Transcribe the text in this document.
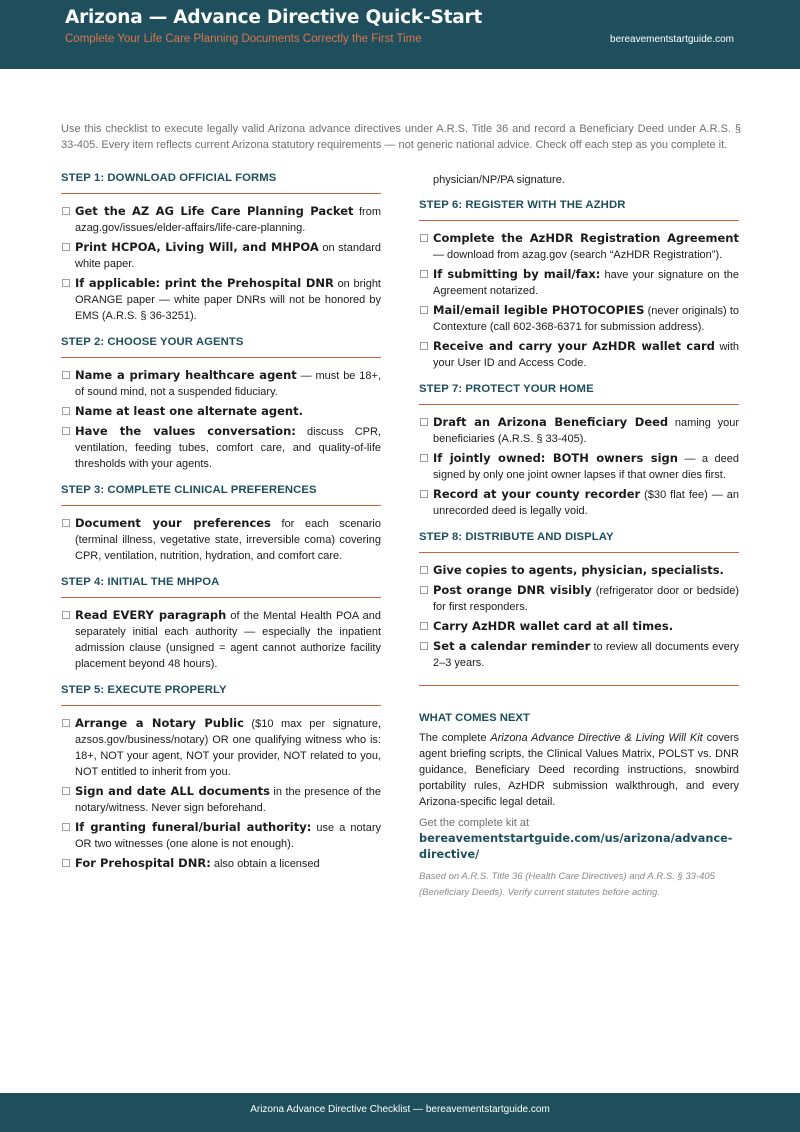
Arizona — Advance Directive Quick-Start
Complete Your Life Care Planning Documents Correctly the First Time	bereavementstartguide.com
Use this checklist to execute legally valid Arizona advance directives under A.R.S. Title 36 and record a Beneficiary Deed under A.R.S. § 33-405. Every item reflects current Arizona statutory requirements — not generic national advice. Check off each step as you complete it.
STEP 1: DOWNLOAD OFFICIAL FORMS
Get the AZ AG Life Care Planning Packet from azag.gov/issues/elder-affairs/life-care-planning.
Print HCPOA, Living Will, and MHPOA on standard white paper.
If applicable: print the Prehospital DNR on bright ORANGE paper — white paper DNRs will not be honored by EMS (A.R.S. § 36-3251).
STEP 2: CHOOSE YOUR AGENTS
Name a primary healthcare agent — must be 18+, of sound mind, not a suspended fiduciary.
Name at least one alternate agent.
Have the values conversation: discuss CPR, ventilation, feeding tubes, comfort care, and quality-of-life thresholds with your agents.
STEP 3: COMPLETE CLINICAL PREFERENCES
Document your preferences for each scenario (terminal illness, vegetative state, irreversible coma) covering CPR, ventilation, nutrition, hydration, and comfort care.
STEP 4: INITIAL THE MHPOA
Read EVERY paragraph of the Mental Health POA and separately initial each authority — especially the inpatient admission clause (unsigned = agent cannot authorize facility placement beyond 48 hours).
STEP 5: EXECUTE PROPERLY
Arrange a Notary Public ($10 max per signature, azsos.gov/business/notary) OR one qualifying witness who is: 18+, NOT your agent, NOT your provider, NOT related to you, NOT entitled to inherit from you.
Sign and date ALL documents in the presence of the notary/witness. Never sign beforehand.
If granting funeral/burial authority: use a notary OR two witnesses (one alone is not enough).
For Prehospital DNR: also obtain a licensed
physician/NP/PA signature.
STEP 6: REGISTER WITH THE AZHDR
Complete the AzHDR Registration Agreement — download from azag.gov (search “AzHDR Registration”).
If submitting by mail/fax: have your signature on the Agreement notarized.
Mail/email legible PHOTOCOPIES (never originals) to Contexture (call 602-368-6371 for submission address).
Receive and carry your AzHDR wallet card with your User ID and Access Code.
STEP 7: PROTECT YOUR HOME
Draft an Arizona Beneficiary Deed naming your beneficiaries (A.R.S. § 33-405).
If jointly owned: BOTH owners sign — a deed signed by only one joint owner lapses if that owner dies first.
Record at your county recorder ($30 flat fee) — an unrecorded deed is legally void.
STEP 8: DISTRIBUTE AND DISPLAY
Give copies to agents, physician, specialists.
Post orange DNR visibly (refrigerator door or bedside) for first responders.
Carry AzHDR wallet card at all times.
Set a calendar reminder to review all documents every 2–3 years.
WHAT COMES NEXT
The complete Arizona Advance Directive & Living Will Kit covers agent briefing scripts, the Clinical Values Matrix, POLST vs. DNR guidance, Beneficiary Deed recording instructions, snowbird portability rules, AzHDR submission walkthrough, and every Arizona-specific legal detail.
Get the complete kit at
bereavementstartguide.com/us/arizona/advance-directive/
Based on A.R.S. Title 36 (Health Care Directives) and A.R.S. § 33-405 (Beneficiary Deeds). Verify current statutes before acting.
Arizona Advance Directive Checklist — bereavementstartguide.com
